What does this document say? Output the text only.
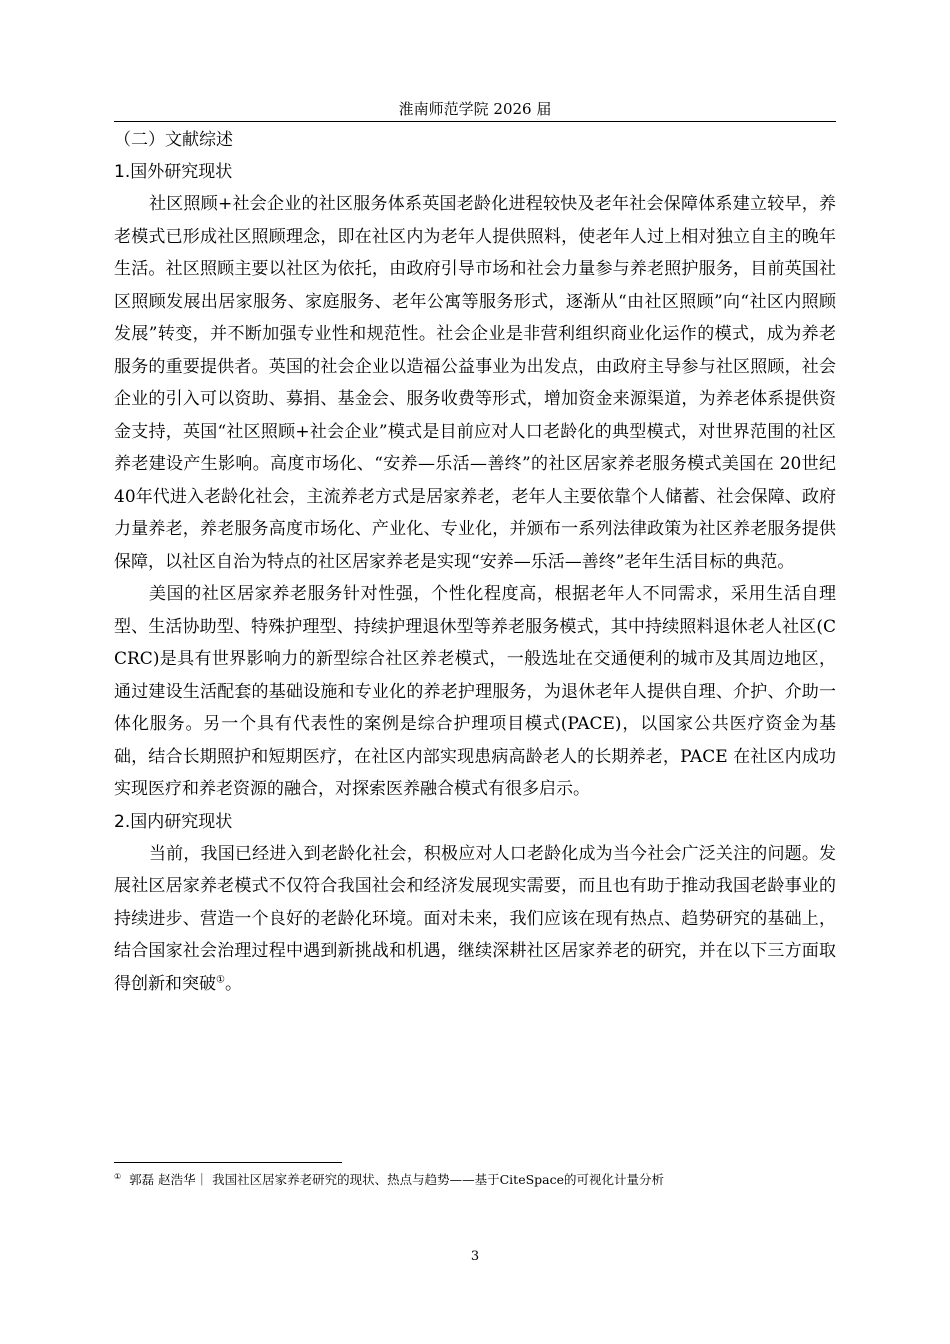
淮南师范学院 2026 届
（二）文献综述
1.国外研究现状

社区照顾+社会企业的社区服务体系英国老龄化进程较快及老年社会保障体系建立较早，养老模式已形成社区照顾理念，即在社区内为老年人提供照料，使老年人过上相对独立自主的晚年生活。社区照顾主要以社区为依托，由政府引导市场和社会力量参与养老照护服务，目前英国社区照顾发展出居家服务、家庭服务、老年公寓等服务形式，逐渐从“由社区照顾”向“社区内照顾发展”转变，并不断加强专业性和规范性。社会企业是非营利组织商业化运作的模式，成为养老服务的重要提供者。英国的社会企业以造福公益事业为出发点，由政府主导参与社区照顾，社会企业的引入可以资助、募捐、基金会、服务收费等形式，增加资金来源渠道，为养老体系提供资金支持，英国“社区照顾+社会企业”模式是目前应对人口老龄化的典型模式，对世界范围的社区养老建设产生影响。高度市场化、“安养—乐活—善终”的社区居家养老服务模式美国在 20世纪 40年代进入老龄化社会，主流养老方式是居家养老，老年人主要依靠个人储蓄、社会保障、政府力量养老，养老服务高度市场化、产业化、专业化，并颁布一系列法律政策为社区养老服务提供保障，以社区自治为特点的社区居家养老是实现“安养—乐活—善终”老年生活目标的典范。

美国的社区居家养老服务针对性强，个性化程度高，根据老年人不同需求，采用生活自理型、生活协助型、特殊护理型、持续护理退休型等养老服务模式，其中持续照料退休老人社区(CCRC)是具有世界影响力的新型综合社区养老模式，一般选址在交通便利的城市及其周边地区，通过建设生活配套的基础设施和专业化的养老护理服务，为退休老年人提供自理、介护、介助一体化服务。另一个具有代表性的案例是综合护理项目模式(PACE)，以国家公共医疗资金为基础，结合长期照护和短期医疗，在社区内部实现患病高龄老人的长期养老，PACE 在社区内成功实现医疗和养老资源的融合，对探索医养融合模式有很多启示。

2.国内研究现状

当前，我国已经进入到老龄化社会，积极应对人口老龄化成为当今社会广泛关注的问题。发展社区居家养老模式不仅符合我国社会和经济发展现实需要，而且也有助于推动我国老龄事业的持续进步、营造一个良好的老龄化环境。面对未来，我们应该在现有热点、趋势研究的基础上，结合国家社会治理过程中遇到新挑战和机遇，继续深耕社区居家养老的研究，并在以下三方面取得创新和突破①。

① 郭磊 赵浩华｜ 我国社区居家养老研究的现状、热点与趋势——基于CiteSpace的可视化计量分析
3
